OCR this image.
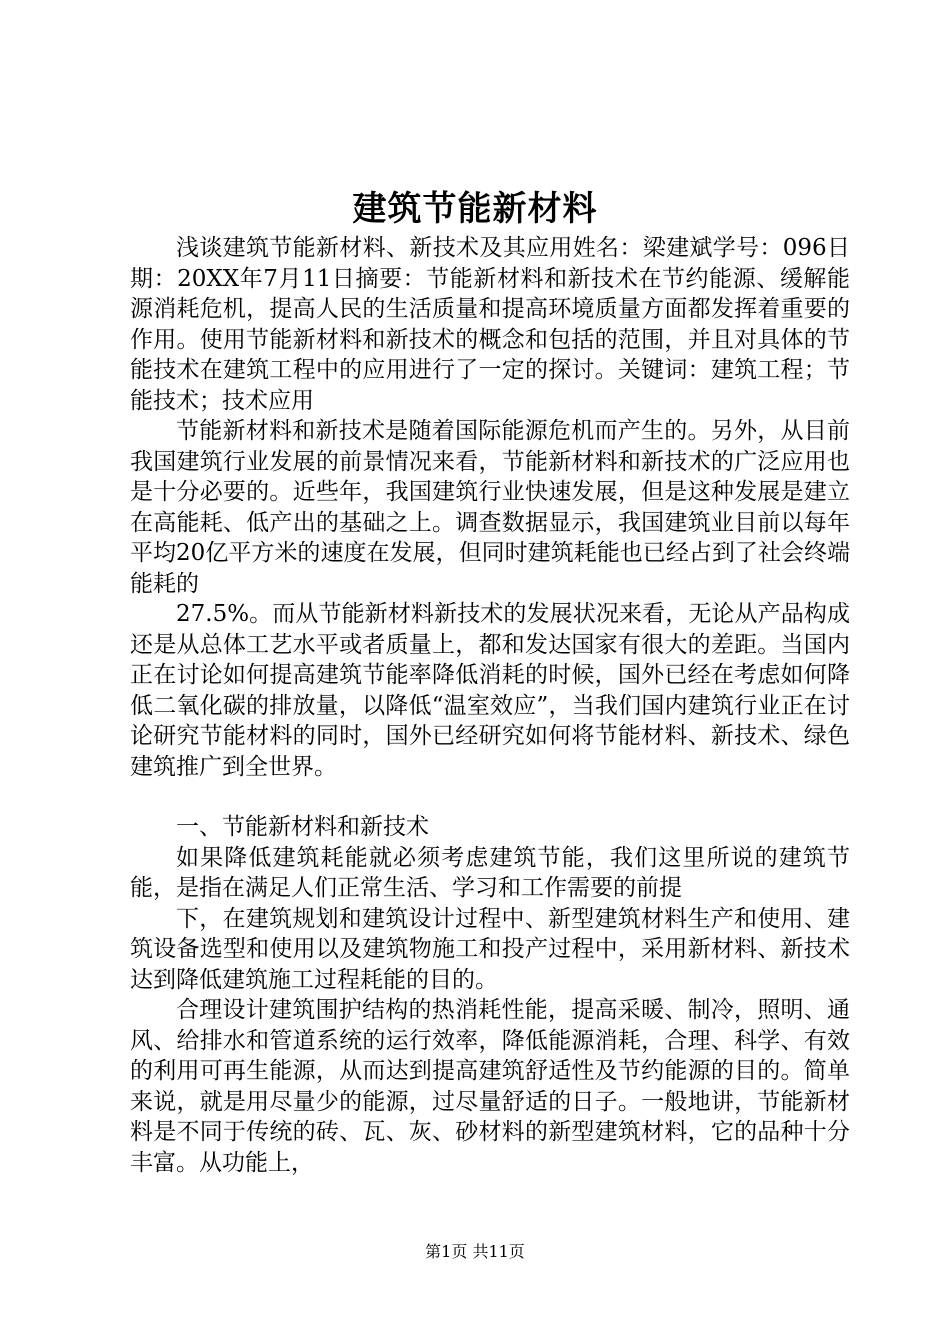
建筑节能新材料

浅谈建筑节能新材料、新技术及其应用姓名：梁建斌学号：096日期：20XX年7月11日摘要：节能新材料和新技术在节约能源、缓解能源消耗危机，提高人民的生活质量和提高环境质量方面都发挥着重要的作用。使用节能新材料和新技术的概念和包括的范围，并且对具体的节能技术在建筑工程中的应用进行了一定的探讨。关键词：建筑工程；节能技术；技术应用

节能新材料和新技术是随着国际能源危机而产生的。另外，从目前我国建筑行业发展的前景情况来看，节能新材料和新技术的广泛应用也是十分必要的。近些年，我国建筑行业快速发展，但是这种发展是建立在高能耗、低产出的基础之上。调查数据显示，我国建筑业目前以每年平均20亿平方米的速度在发展，但同时建筑耗能也已经占到了社会终端能耗的

27.5%。而从节能新材料新技术的发展状况来看，无论从产品构成还是从总体工艺水平或者质量上，都和发达国家有很大的差距。当国内正在讨论如何提高建筑节能率降低消耗的时候，国外已经在考虑如何降低二氧化碳的排放量，以降低“温室效应”，当我们国内建筑行业正在讨论研究节能材料的同时，国外已经研究如何将节能材料、新技术、绿色建筑推广到全世界。

一、节能新材料和新技术

如果降低建筑耗能就必须考虑建筑节能，我们这里所说的建筑节能，是指在满足人们正常生活、学习和工作需要的前提

下，在建筑规划和建筑设计过程中、新型建筑材料生产和使用、建筑设备选型和使用以及建筑物施工和投产过程中，采用新材料、新技术达到降低建筑施工过程耗能的目的。

合理设计建筑围护结构的热消耗性能，提高采暖、制冷，照明、通风、给排水和管道系统的运行效率，降低能源消耗，合理、科学、有效的利用可再生能源，从而达到提高建筑舒适性及节约能源的目的。简单来说，就是用尽量少的能源，过尽量舒适的日子。一般地讲，节能新材料是不同于传统的砖、瓦、灰、砂材料的新型建筑材料，它的品种十分丰富。从功能上，

第1页 共11页
